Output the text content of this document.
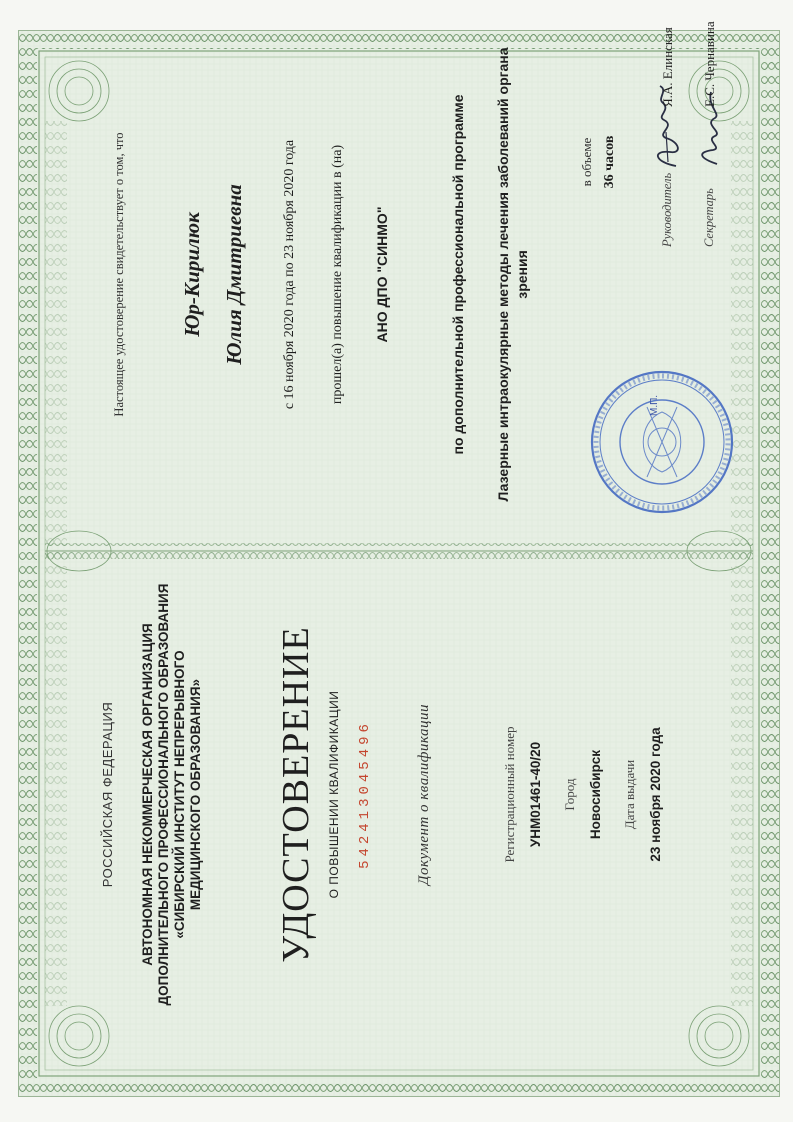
РОССИЙСКАЯ ФЕДЕРАЦИЯ АВТОНОМНАЯ НЕКОММЕРЧЕСКАЯ ОРГАНИЗАЦИЯ ДОПОЛНИТЕЛЬНОГО ПРОФЕССИОНАЛЬНОГО ОБРАЗОВАНИЯ «СИБИРСКИЙ ИНСТИТУТ НЕПРЕРЫВНОГО МЕДИЦИНСКОГО ОБРАЗОВАНИЯ» УДОСТОВЕРЕНИЕ О ПОВЫШЕНИИ КВАЛИФИКАЦИИ 542413045496	Документ о квалификации	Регистрационный номер УНМ01461-40/20 Город Новосибирск Дата выдачи 23 ноября 2020 года
Настоящее удостоверение свидетельствует о том, что	Юр-Кирилюк Юлия Дмитриевна	с 16 ноября 2020 года по 23 ноября 2020 года прошел(а) повышение квалификации в (на) АНО ДПО "СИНМО"	по дополнительной профессиональной программе Лазерные интраокулярные методы лечения заболеваний органа зрения
в объеме 36 часов
Руководитель
Я.А. Елинская
Секретарь
Е.С. Чернавина
М.П.
